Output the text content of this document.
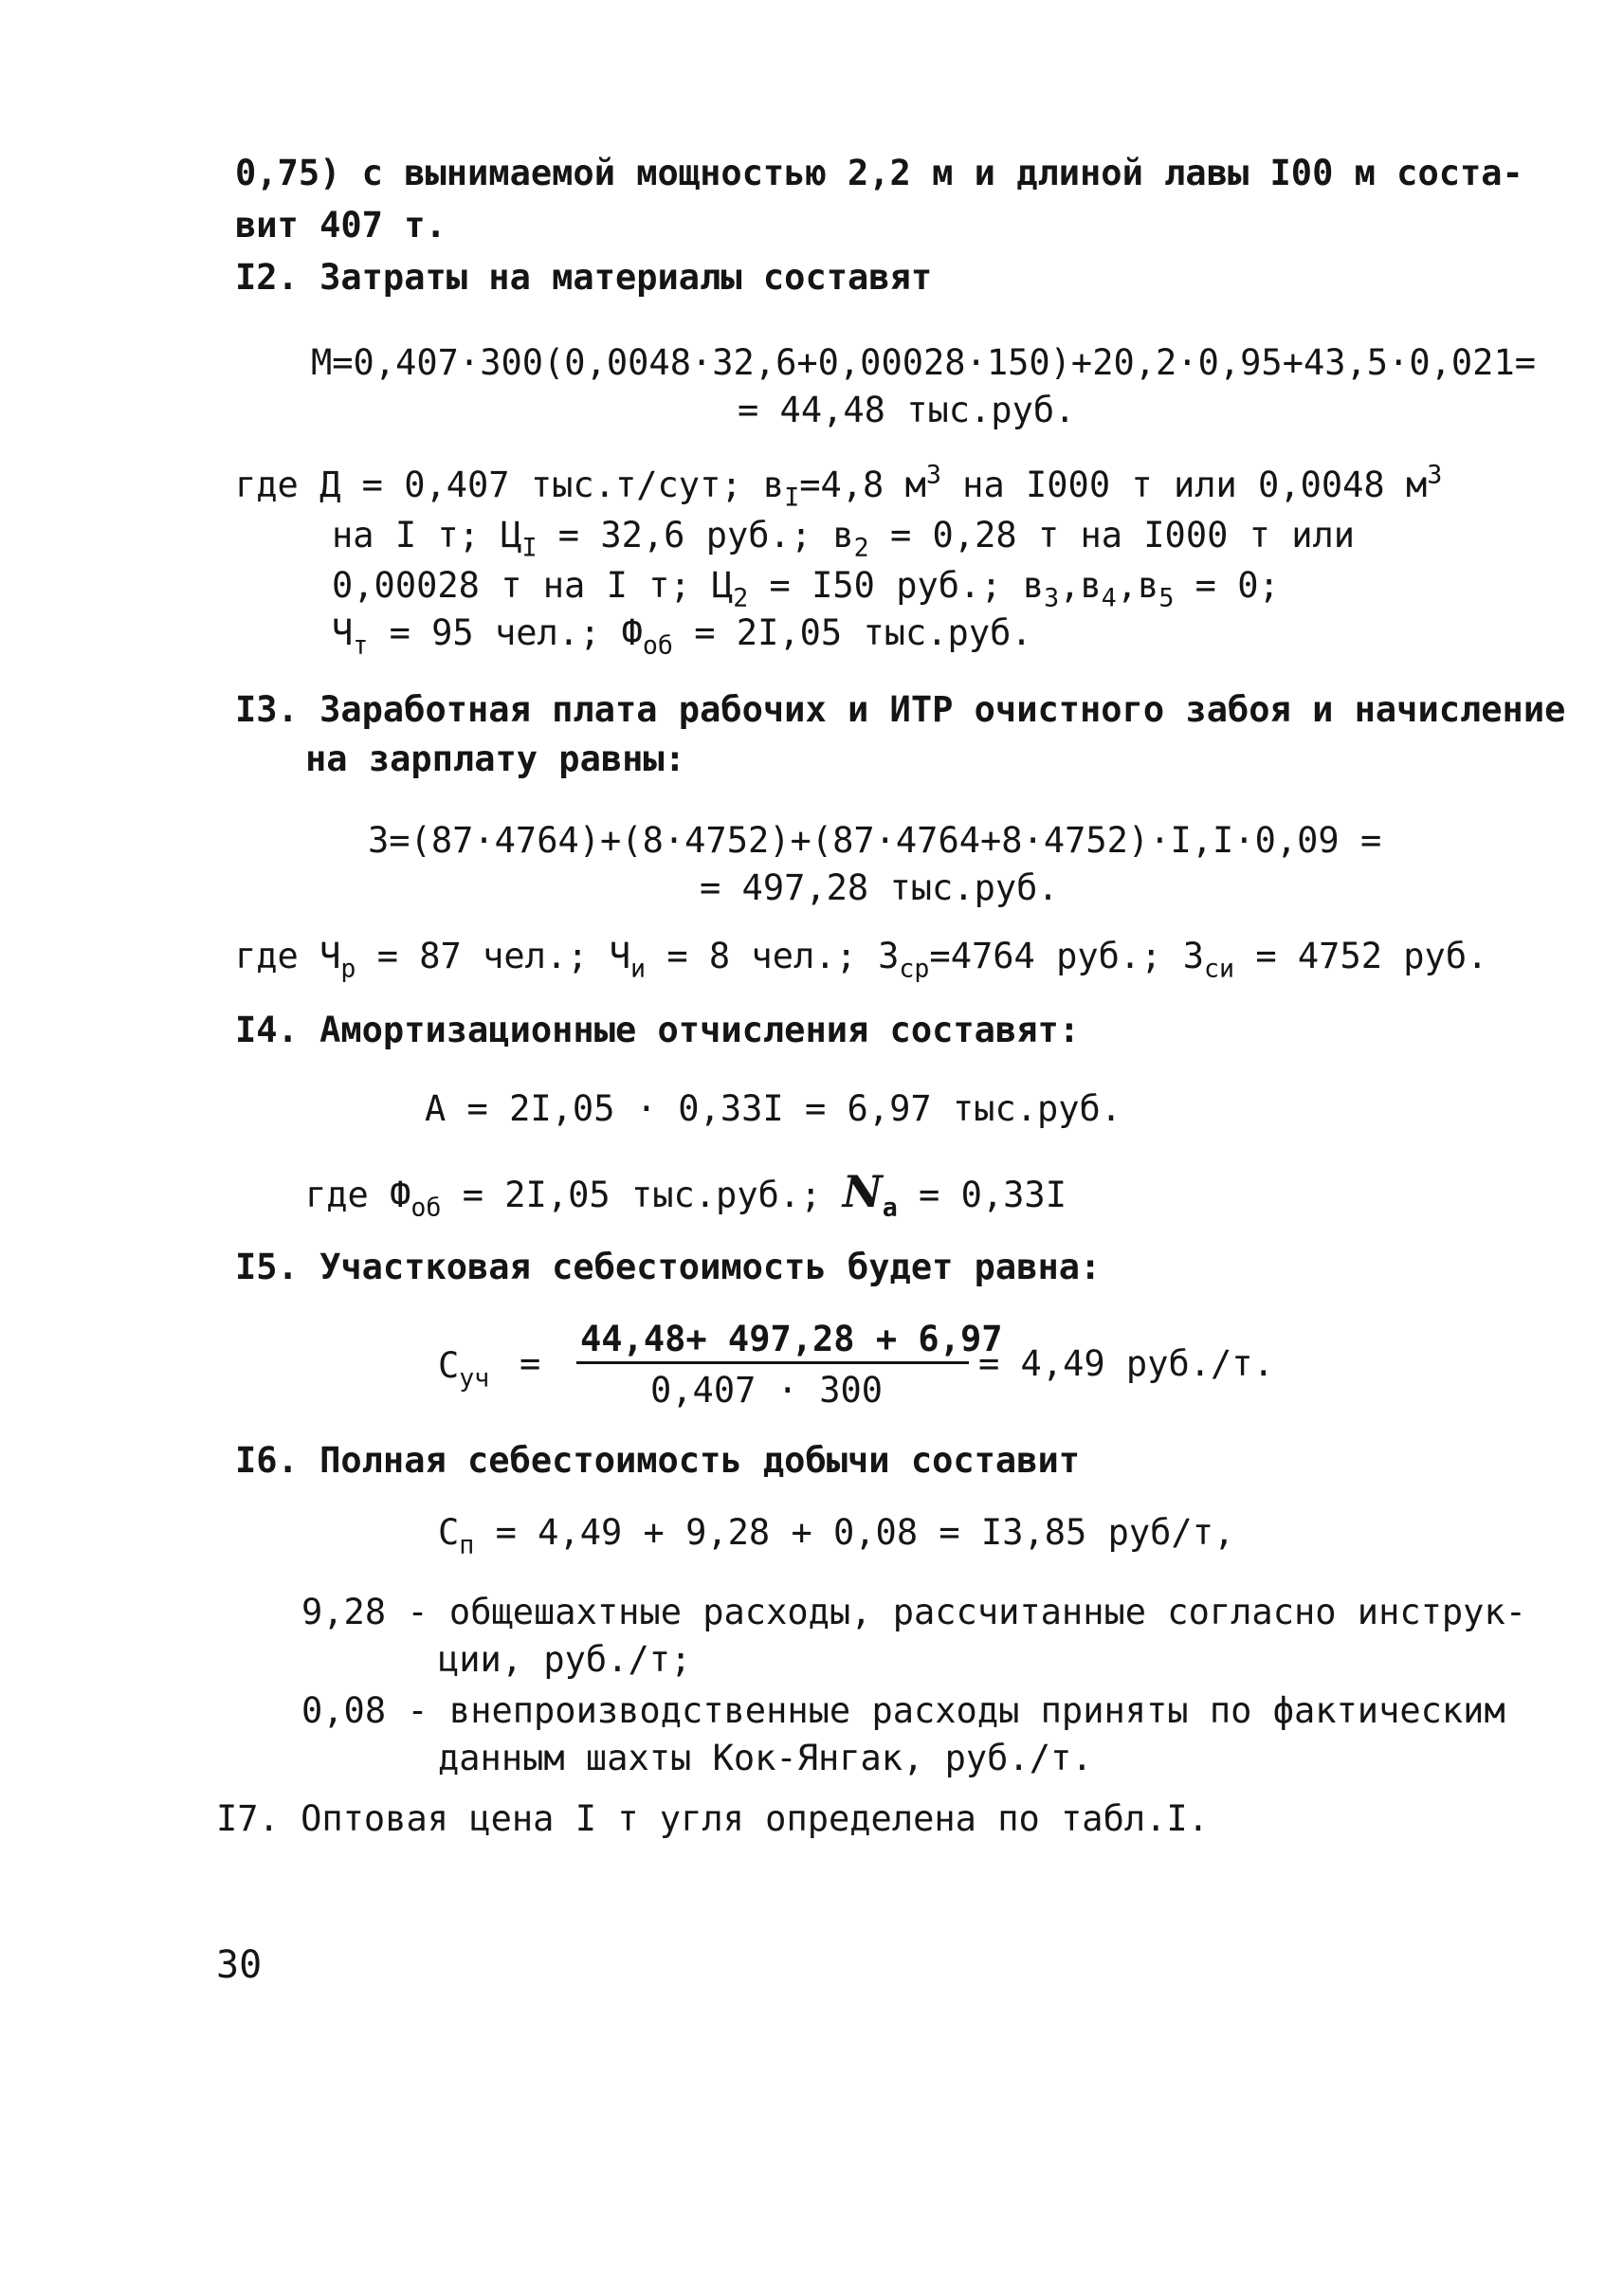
0,75) с вынимаемой мощностью 2,2 м и длиной лавы I00 м соста-
вит 407 т.
I2. Затраты на материалы составят
М=0,407·300(0,0048·32,6+0,00028·150)+20,2·0,95+43,5·0,021=
= 44,48 тыс.руб.
где Д = 0,407 тыс.т/сут; $в_I=4,8$ $м^3$ на I000 т или 0,0048 $м^3$
на I т; $Ц_I = 32,6$ руб.; $в_2 = 0,28$ т на I000 т или
0,00028 т на I т; $Ц_2 = I50$ руб.; $в_3,в_4,в_5 = 0$;
$Ч_т = 95$ чел.; $Ф_{об} = 2I,05$ тыс.руб.
I3. Заработная плата рабочих и ИТР очистного забоя и начисление
на зарплату равны:
З=(87·4764)+(8·4752)+(87·4764+8·4752)·I,I·0,09 =
= 497,28 тыс.руб.
где $Ч_р = 87$ чел.; $Ч_и = 8$ чел.; $З_{ср}=4764$ руб.; $З_{си} = 4752$ руб.
I4. Амортизационные отчисления составят:
А = 2I,05 · 0,33I = 6,97 тыс.руб.
где $Ф_{об} = 2I,05$ тыс.руб.; $N_a = 0,33I$
I5. Участковая себестоимость будет равна:
$С_{уч}$ =
44,48+ 497,28 + 6,97
0,407 · 300
= 4,49 руб./т.
I6. Полная себестоимость добычи составит
$С_п = 4,49 + 9,28 + 0,08 = I3,85$ руб/т,
9,28 - общешахтные расходы, рассчитанные согласно инструк-
ции, руб./т;
0,08 - внепроизводственные расходы приняты по фактическим
данным шахты Кок-Янгак, руб./т.
I7. Оптовая цена I т угля определена по табл.I.
30
